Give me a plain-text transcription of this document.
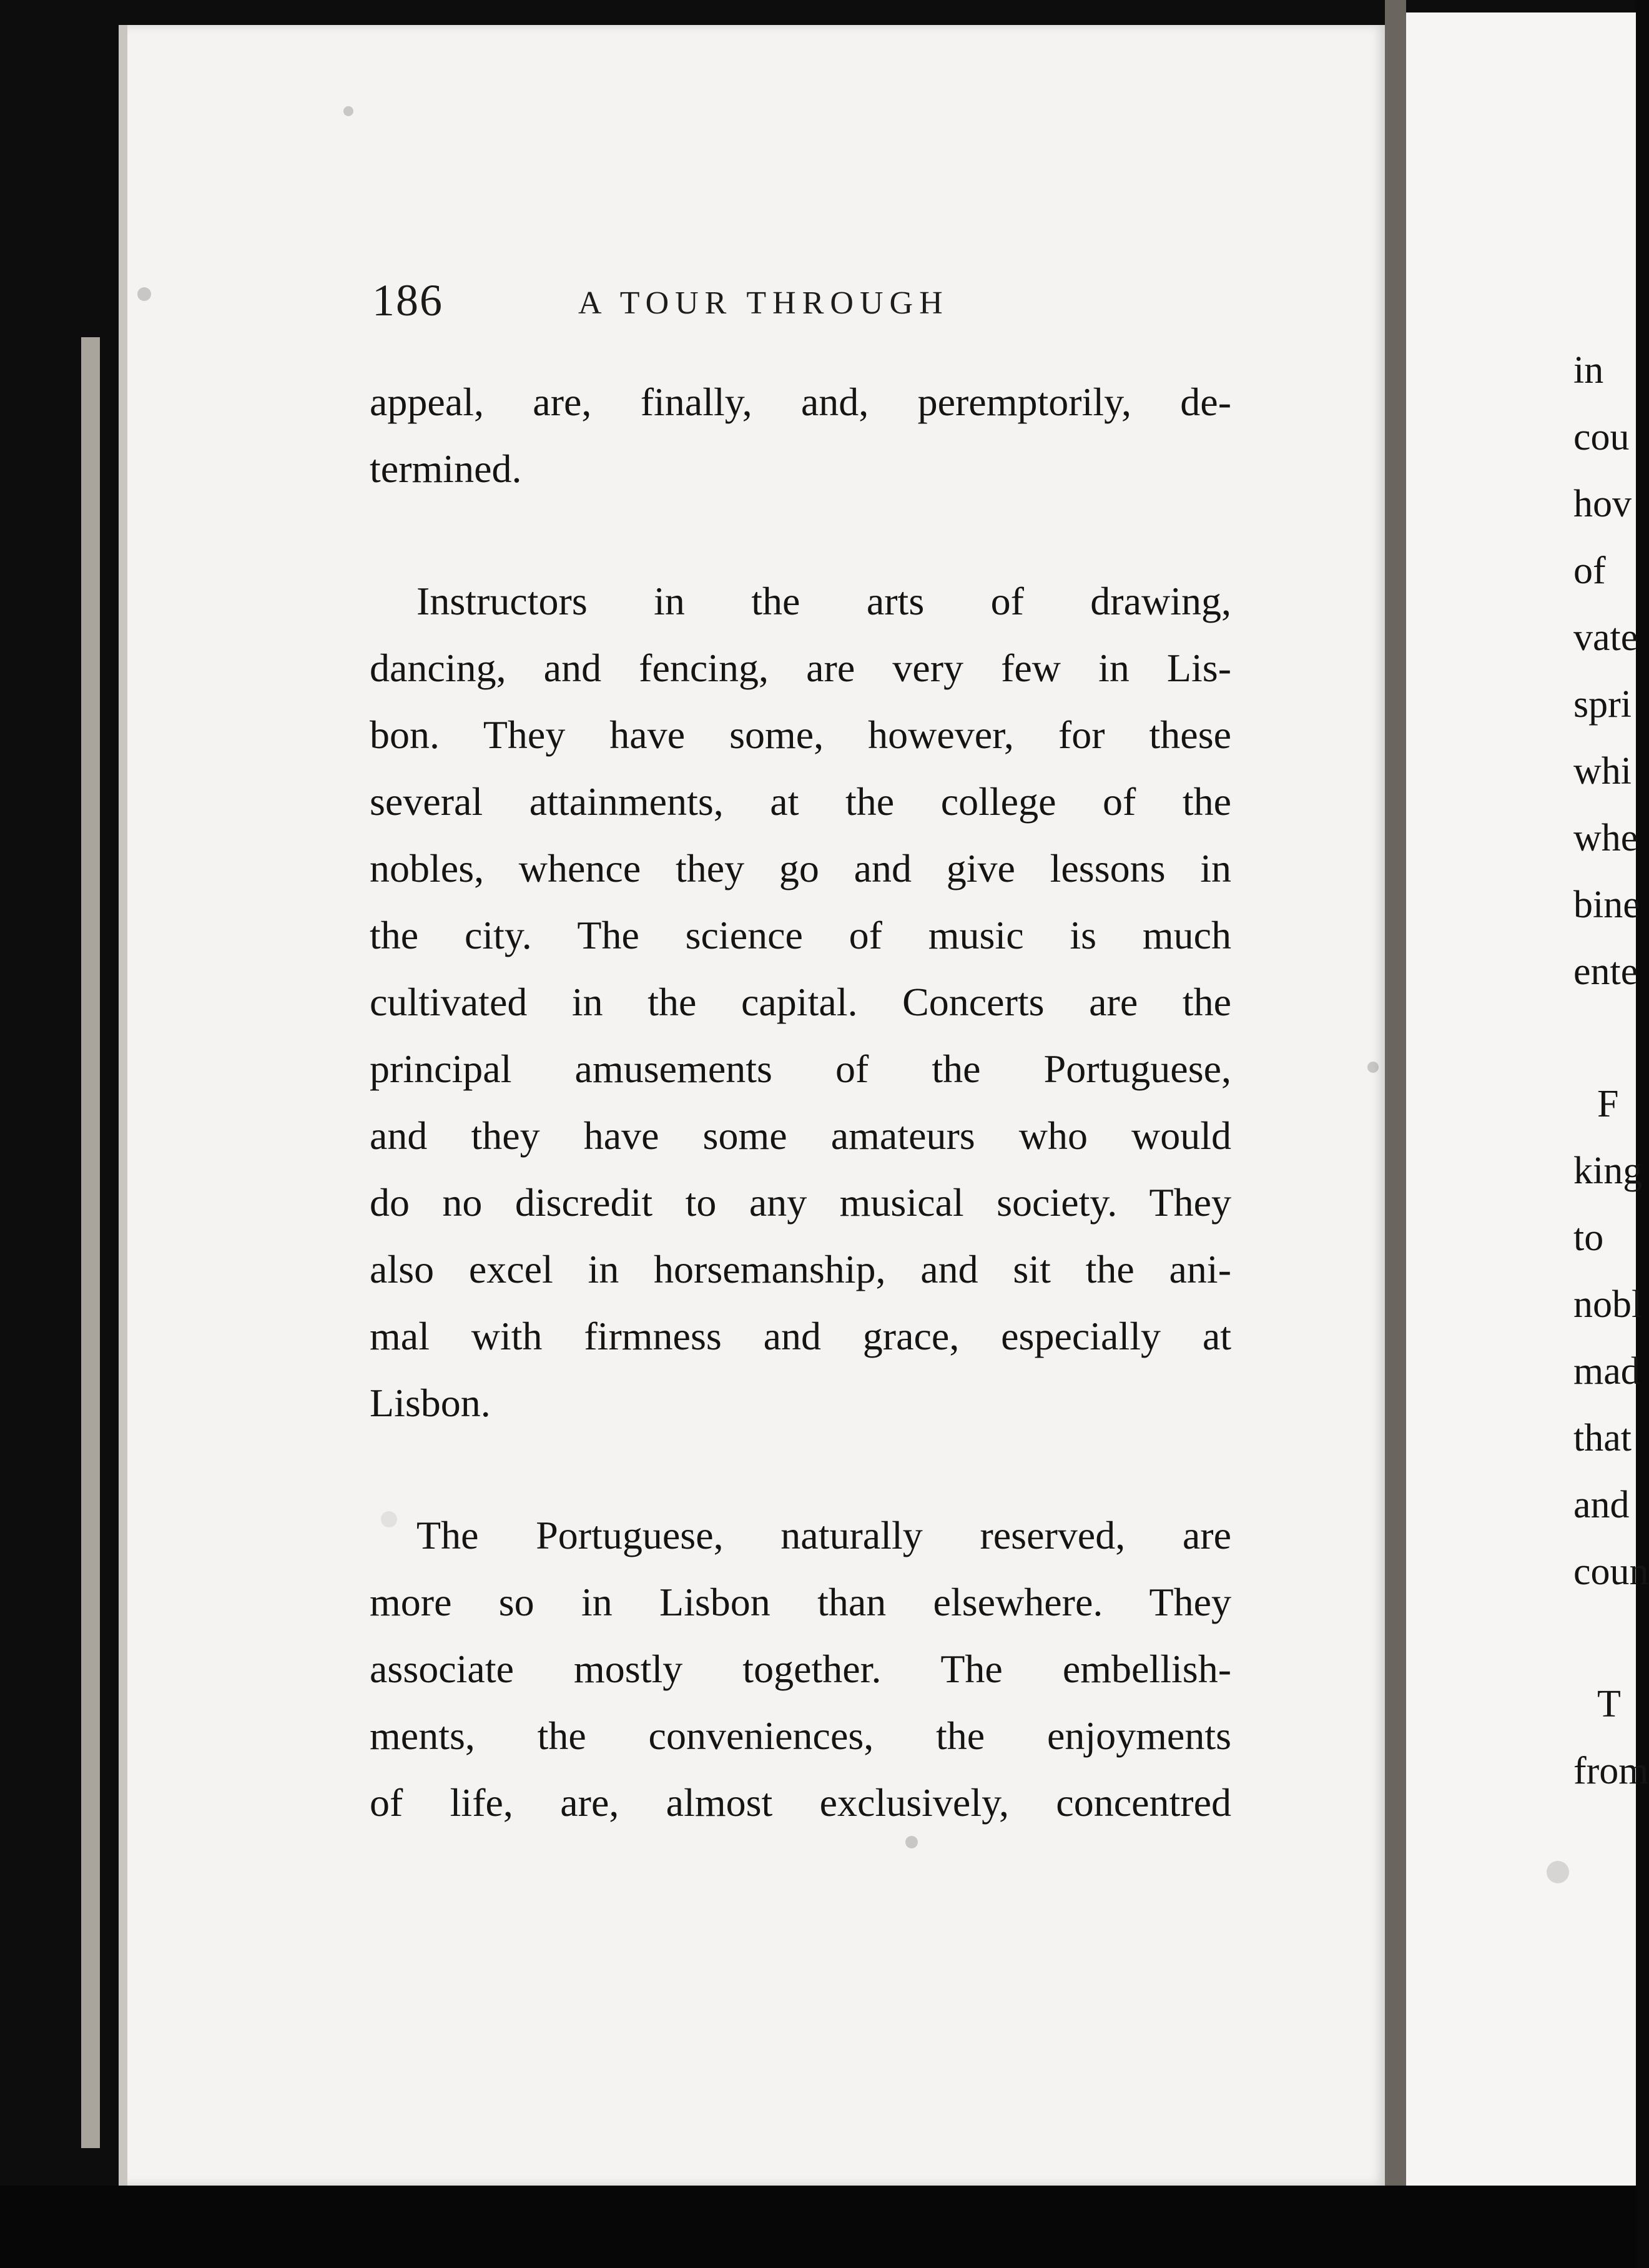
186	A TOUR THROUGH
appeal, are, finally, and, peremptorily, de-
termined.
Instructors in the arts of drawing,
dancing, and fencing, are very few in Lis-
bon. They have some, however, for these
several attainments, at the college of the
nobles, whence they go and give lessons in
the city. The science of music is much
cultivated in the capital. Concerts are the
principal amusements of the Portuguese,
and they have some amateurs who would
do no discredit to any musical society. They
also excel in horsemanship, and sit the ani-
mal with firmness and grace, especially at
Lisbon.
The Portuguese, naturally reserved, are
more so in Lisbon than elsewhere. They
associate mostly together. The embellish-
ments, the conveniences, the enjoyments
of life, are, almost exclusively, concentred
in
cou
hov
of
vate
spri
whi
whe
bine
ente
F
king
to
nobl
mad
that
and
coun
T
from
